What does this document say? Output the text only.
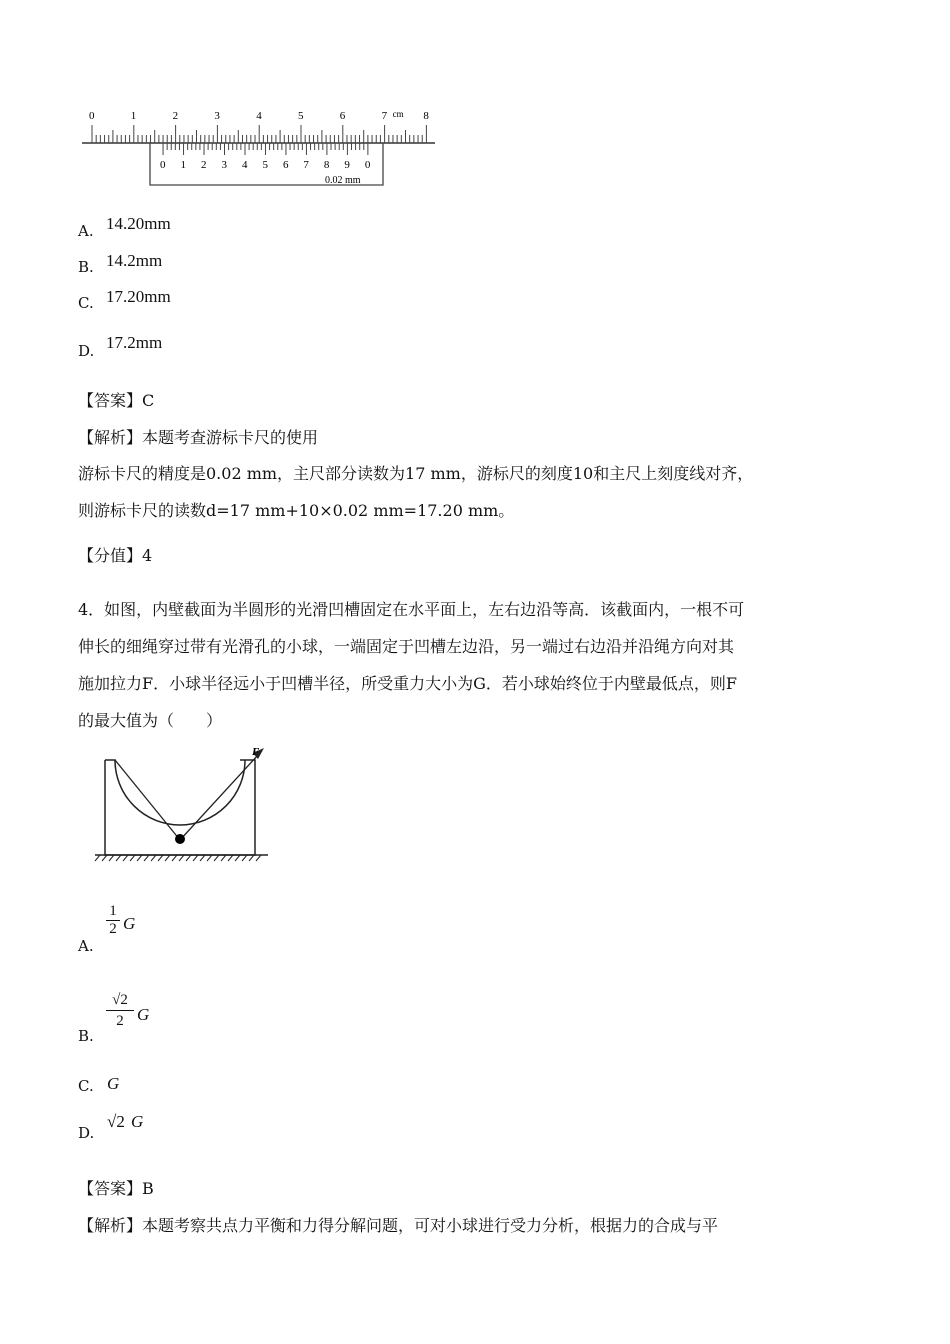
0	1	2	3	4	5	6	7	8
cm
0 1 2 3 4 5 6 7 8 9 0
0.02 mm
A. 14.20mm
B. 14.2mm
C. 17.20mm
D. 17.2mm
【答案】C
【解析】本题考查游标卡尺的使用
游标卡尺的精度是0.02 mm，主尺部分读数为17 mm，游标尺的刻度10和主尺上刻度线对齐，
则游标卡尺的读数d=17 mm+10×0.02 mm=17.20 mm。
【分值】4
4．如图，内壁截面为半圆形的光滑凹槽固定在水平面上，左右边沿等高．该截面内，一根不可
伸长的细绳穿过带有光滑孔的小球，一端固定于凹槽左边沿，另一端过右边沿并沿绳方向对其
施加拉力F．小球半径远小于凹槽半径，所受重力大小为G．若小球始终位于内壁最低点，则F
的最大值为（　　）
F
A.
$\frac{1}{2}$ G
B.
$\frac{√2}{2}$ G
C. G
D.
√2 G
【答案】B
【解析】本题考察共点力平衡和力得分解问题，可对小球进行受力分析，根据力的合成与平
